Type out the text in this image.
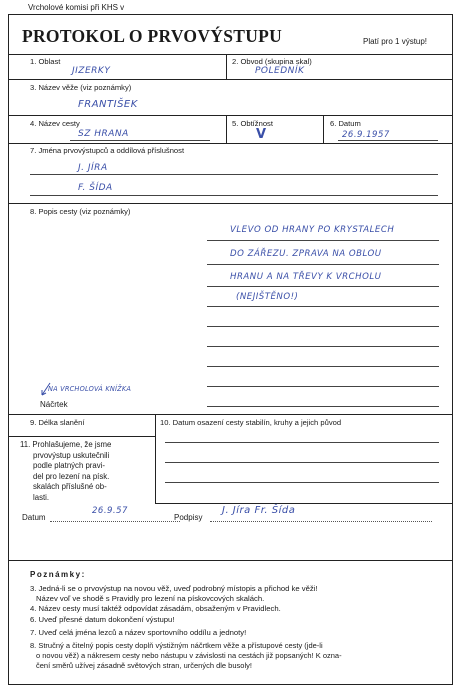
Vrcholové komisi při KHS v
PROTOKOL O PRVOVÝSTUPU	Platí pro 1 výstup!
1. Oblast
JIZERKY
2. Obvod (skupina skal)
POLEDNÍK
3. Název věže (viz poznámky)
FRANTIŠEK
4. Název cesty
SZ HRANA
5. Obtížnost
V
6. Datum
26.9.1957
7. Jména prvovýstupců a oddílová příslušnost
J. JÍRA
F. ŠÍDA
8. Popis cesty (viz poznámky)
VLEVO OD HRANY PO KRYSTALECH
DO ZÁŘEZU. ZPRAVA NA OBLOU
HRANU A NA TŘEVY K VRCHOLU
(NEJIŠTĚNO!)
NA VRCHOLOVÁ KNÍŽKA
Náčrtek
9. Délka slanění	10. Datum osazení cesty stabilín, kruhy a jejich původ
11. Prohlašujeme, že jsme
prvovýstup uskutečnili
podle platných pravi-
del pro lezení na písk.
skalách příslušné ob-
lasti.
Datum
26.9.57
Podpisy
J. Jíra Fr. Šída
Poznámky:
3. Jedná-li se o prvovýstup na novou věž, uveď podrobný místopis a přichod ke věži!
Název voľ ve shodě s Pravidly pro lezení na pískovcových skalách.
4. Název cesty musí taktéž odpovídat zásadám, obsaženým v Pravidlech.
6. Uveď přesné datum dokončení výstupu!
7. Uveď celá jména lezců a název sportovního oddílu a jednoty!
8. Stručný a čitelný popis cesty doplň výstižným náčrtkem věže a přístupové cesty (jde-li
o novou věž) a nákresem cesty nebo nástupu v závislosti na cestách již popsaných! K ozna-
čení směrů užívej zásadně světových stran, určených dle busoly!
